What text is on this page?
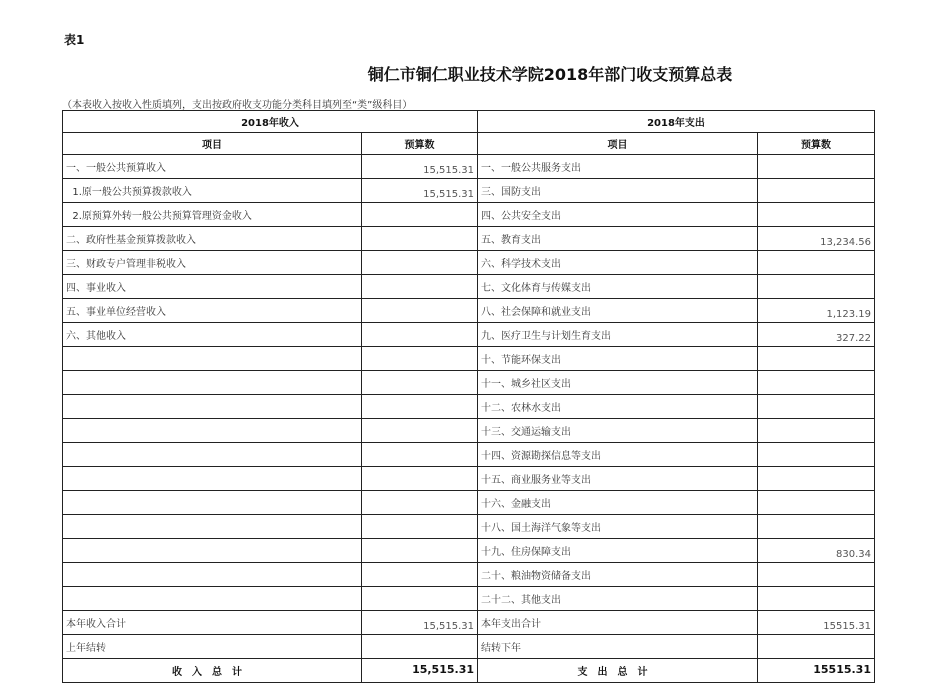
表1
铜仁市铜仁职业技术学院2018年部门收支预算总表
（本表收入按收入性质填列，支出按政府收支功能分类科目填列至“类”级科目）
2018年收入		2018年支出	
项目	预算数	项目	预算数
一、一般公共预算收入	15,515.31	一、一般公共服务支出	
1.原一般公共预算拨款收入	15,515.31	三、国防支出	
2.原预算外转一般公共预算管理资金收入		四、公共安全支出	
二、政府性基金预算拨款收入		五、教育支出	13,234.56
三、财政专户管理非税收入		六、科学技术支出	
四、事业收入		七、文化体育与传媒支出	
五、事业单位经营收入		八、社会保障和就业支出	1,123.19
六、其他收入		九、医疗卫生与计划生育支出	327.22
		十、节能环保支出	
		十一、城乡社区支出	
		十二、农林水支出	
		十三、交通运输支出	
		十四、资源勘探信息等支出	
		十五、商业服务业等支出	
		十六、金融支出	
		十八、国土海洋气象等支出	
		十九、住房保障支出	830.34
		二十、粮油物资储备支出	
		二十二、其他支出	
本年收入合计	15,515.31	本年支出合计	15515.31
上年结转		结转下年	
收入总计	15,515.31	支出总计	15515.31
